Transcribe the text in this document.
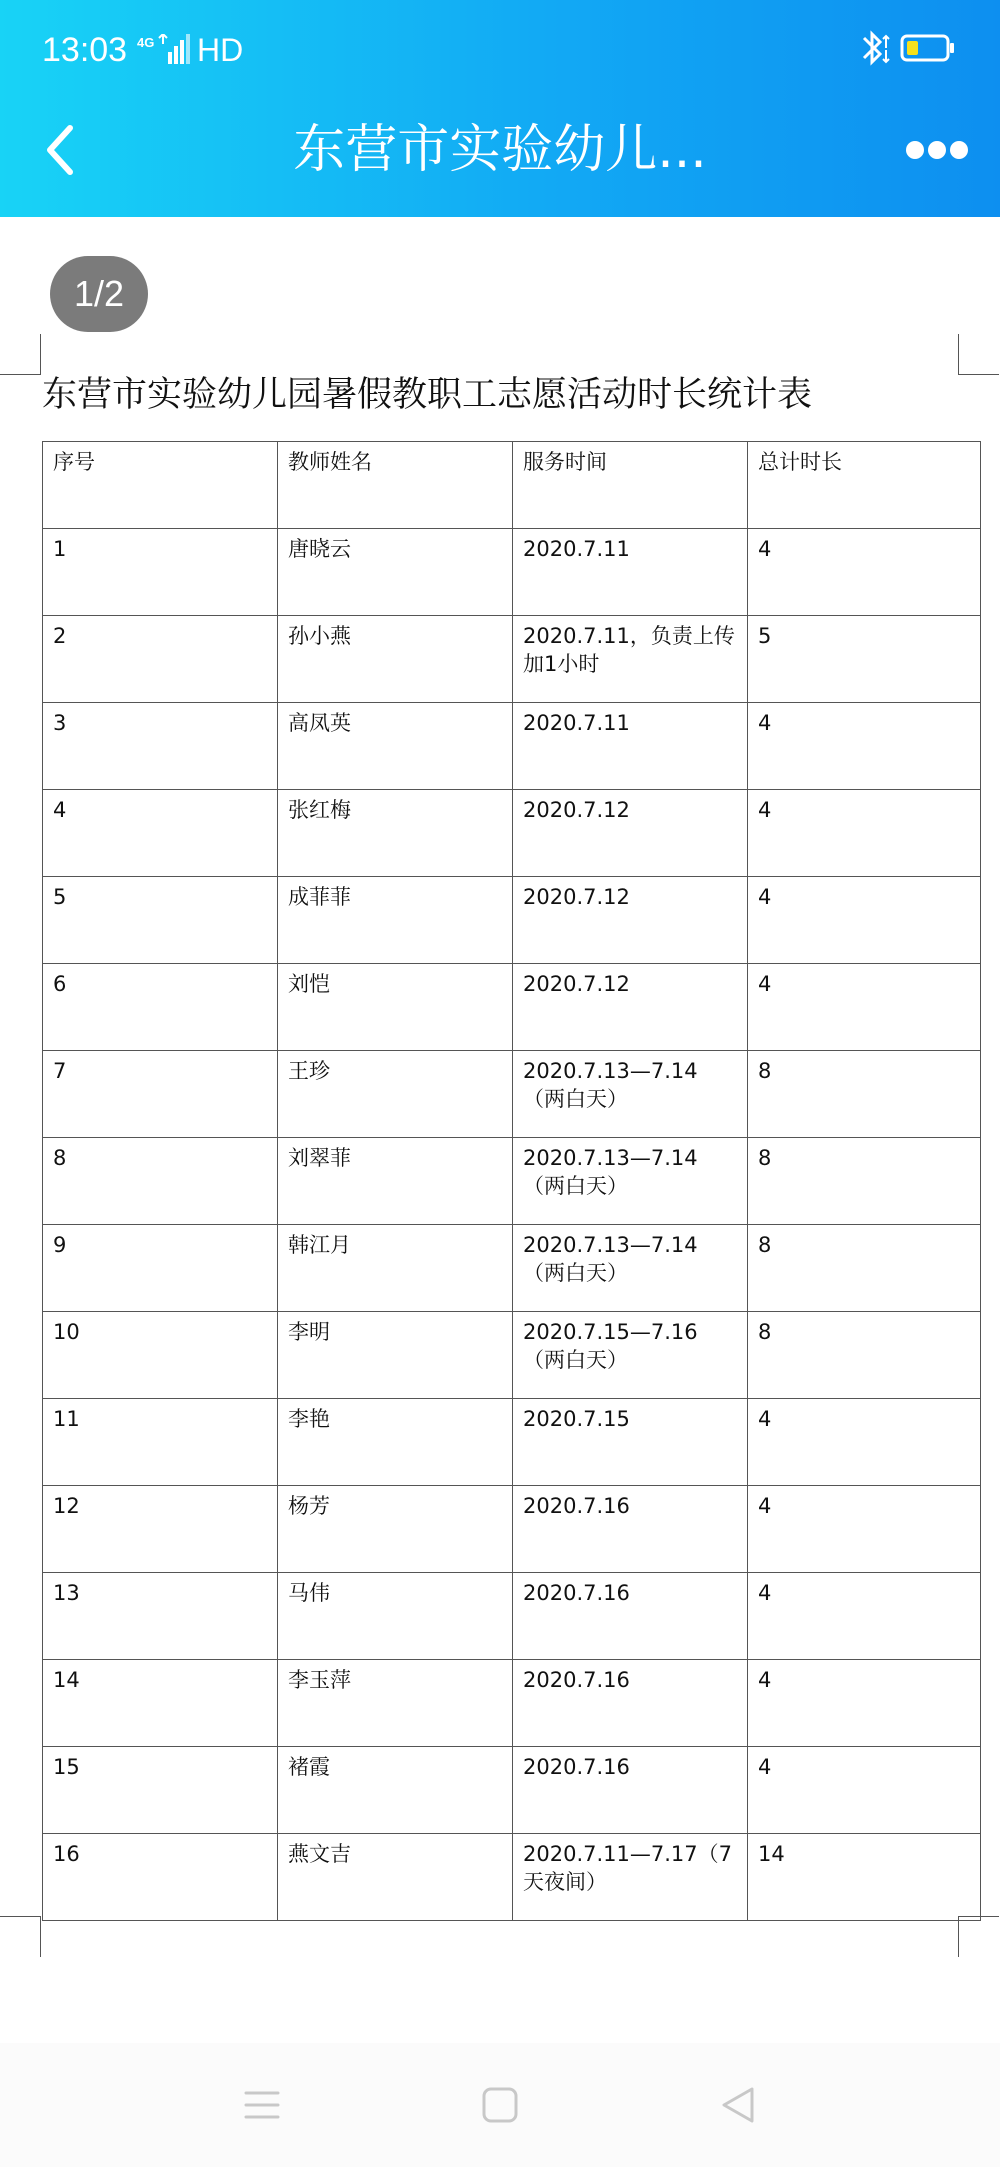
13:03 4G HD
东营市实验幼儿...
1/2
东营市实验幼儿园暑假教职工志愿活动时长统计表
序号	教师姓名	服务时间	总计时长
1	唐晓云	2020.7.11	4
2	孙小燕	2020.7.11，负责上传加1小时	5
3	高凤英	2020.7.11	4
4	张红梅	2020.7.12	4
5	成菲菲	2020.7.12	4
6	刘恺	2020.7.12	4
7	王珍	2020.7.13—7.14（两白天）	8
8	刘翠菲	2020.7.13—7.14（两白天）	8
9	韩江月	2020.7.13—7.14（两白天）	8
10	李明	2020.7.15—7.16（两白天）	8
11	李艳	2020.7.15	4
12	杨芳	2020.7.16	4
13	马伟	2020.7.16	4
14	李玉萍	2020.7.16	4
15	褚霞	2020.7.16	4
16	燕文吉	2020.7.11—7.17（7天夜间）	14
